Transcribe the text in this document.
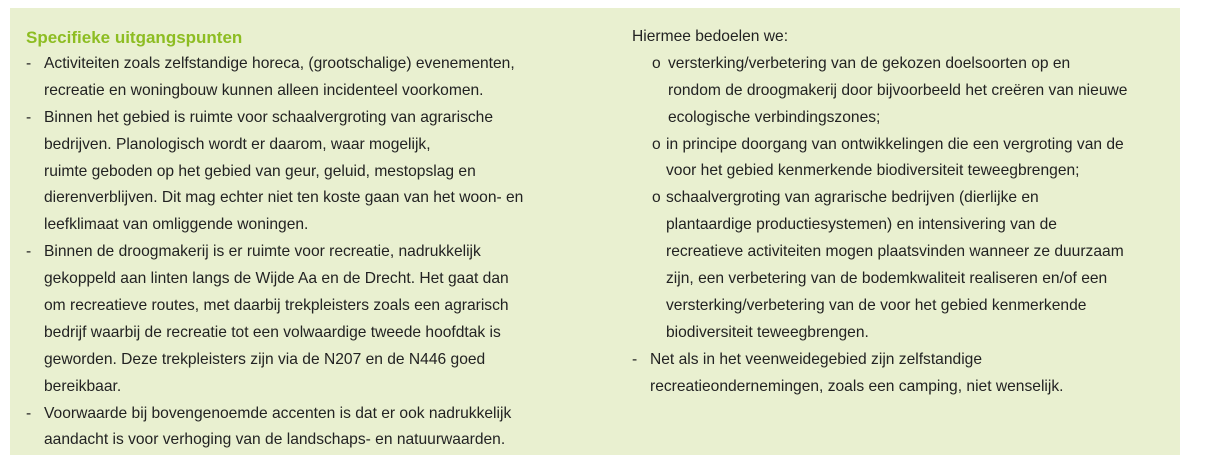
Specifieke uitgangspunten
- Activiteiten zoals zelfstandige horeca, (grootschalige) evenementen,
recreatie en woningbouw kunnen alleen incidenteel voorkomen.
- Binnen het gebied is ruimte voor schaalvergroting van agrarische
bedrijven. Planologisch wordt er daarom, waar mogelijk,
ruimte geboden op het gebied van geur, geluid, mestopslag en
dierenverblijven. Dit mag echter niet ten koste gaan van het woon- en
leefklimaat van omliggende woningen.
- Binnen de droogmakerij is er ruimte voor recreatie, nadrukkelijk
gekoppeld aan linten langs de Wijde Aa en de Drecht. Het gaat dan
om recreatieve routes, met daarbij trekpleisters zoals een agrarisch
bedrijf waarbij de recreatie tot een volwaardige tweede hoofdtak is
geworden. Deze trekpleisters zijn via de N207 en de N446 goed
bereikbaar.
- Voorwaarde bij bovengenoemde accenten is dat er ook nadrukkelijk
aandacht is voor verhoging van de landschaps- en natuurwaarden.
Hiermee bedoelen we:
o versterking/verbetering van de gekozen doelsoorten op en
rondom de droogmakerij door bijvoorbeeld het creëren van nieuwe
ecologische verbindingszones;
o in principe doorgang van ontwikkelingen die een vergroting van de
voor het gebied kenmerkende biodiversiteit teweegbrengen;
o schaalvergroting van agrarische bedrijven (dierlijke en
plantaardige productiesystemen) en intensivering van de
recreatieve activiteiten mogen plaatsvinden wanneer ze duurzaam
zijn, een verbetering van de bodemkwaliteit realiseren en/of een
versterking/verbetering van de voor het gebied kenmerkende
biodiversiteit teweegbrengen.
- Net als in het veenweidegebied zijn zelfstandige
recreatieondernemingen, zoals een camping, niet wenselijk.
